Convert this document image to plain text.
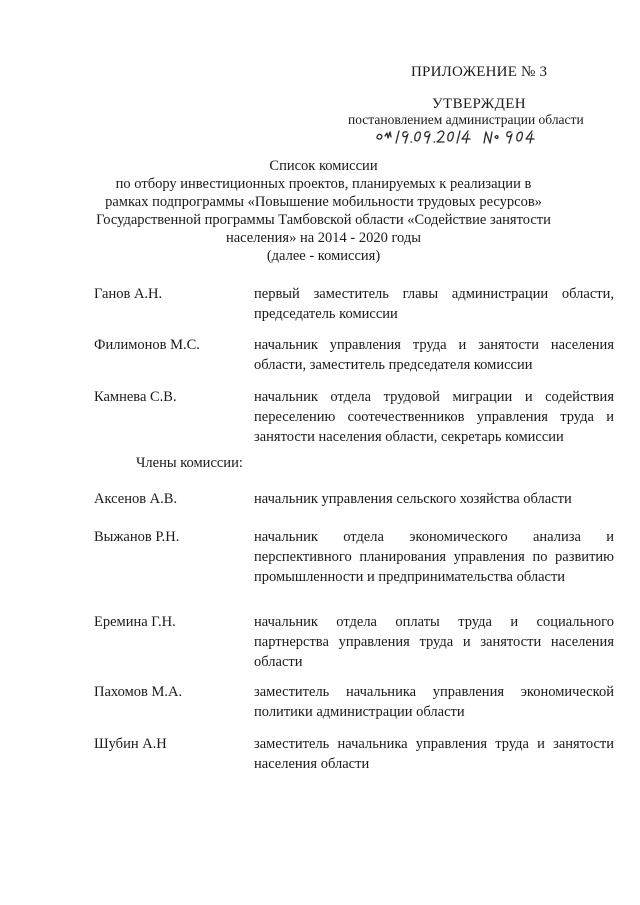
ПРИЛОЖЕНИЕ № 3
УТВЕРЖДЕН
постановлением администрации области
Список комиссии
по отбору инвестиционных проектов, планируемых к реализации в
рамках подпрограммы «Повышение мобильности трудовых ресурсов»
Государственной программы Тамбовской области «Содействие занятости
населения» на 2014 - 2020 годы
(далее - комиссия)
Ганов А.Н.	первый заместитель главы администрации области, председатель комиссии
Филимонов М.С.	начальник управления труда и занятости населения области, заместитель председателя комиссии
Камнева С.В.	начальник отдела трудовой миграции и содействия переселению соотечественников управления труда и занятости населения области, секретарь комиссии
Члены комиссии:
Аксенов А.В.	начальник управления сельского хозяйства области
Выжанов Р.Н.	начальник отдела экономического анализа и перспективного планирования управления по развитию промышленности и предпринимательства области
Еремина Г.Н.	начальник отдела оплаты труда и социального партнерства управления труда и занятости населения области
Пахомов М.А.	заместитель начальника управления экономической политики администрации области
Шубин А.Н	заместитель начальника управления труда и занятости населения области
